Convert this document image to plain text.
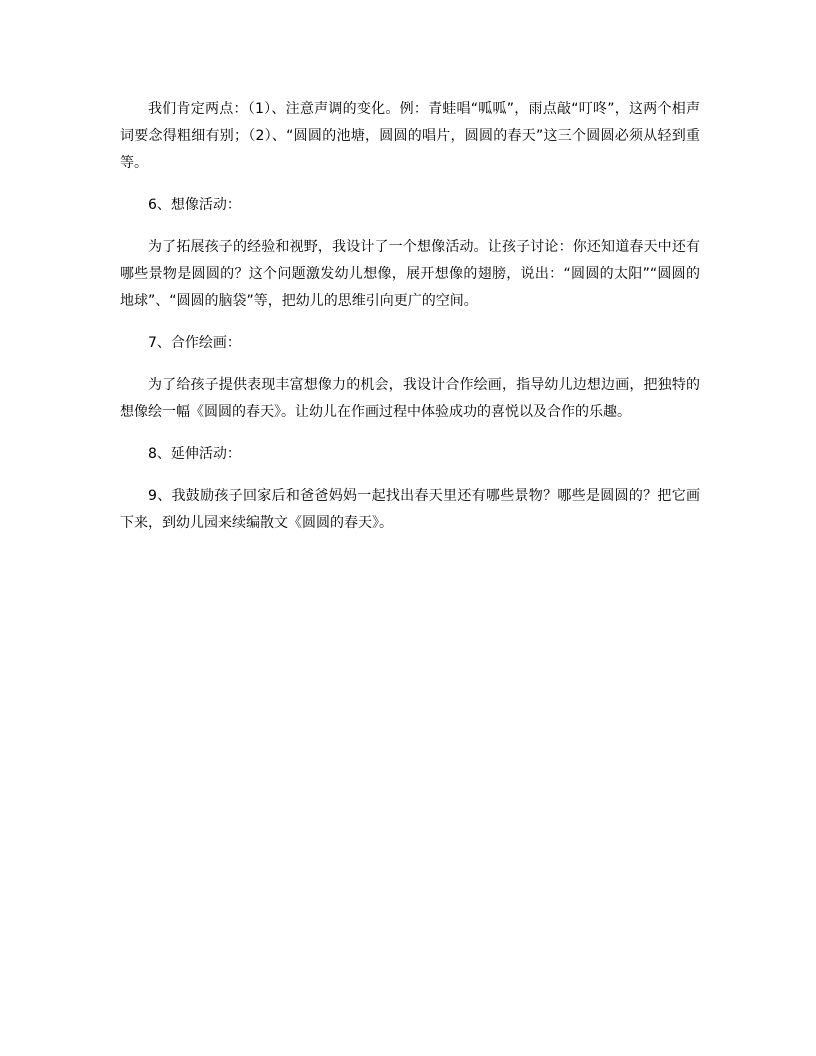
我们肯定两点：（1）、注意声调的变化。例：青蛙唱“呱呱”，雨点敲“叮咚”，这两个相声词要念得粗细有别；（2）、“圆圆的池塘，圆圆的唱片，圆圆的春天”这三个圆圆必须从轻到重等。

6、想像活动：

为了拓展孩子的经验和视野，我设计了一个想像活动。让孩子讨论：你还知道春天中还有哪些景物是圆圆的？这个问题激发幼儿想像，展开想像的翅膀，说出：“圆圆的太阳”“圆圆的地球”、“圆圆的脑袋”等，把幼儿的思维引向更广的空间。

7、合作绘画：

为了给孩子提供表现丰富想像力的机会，我设计合作绘画，指导幼儿边想边画，把独特的想像绘一幅《圆圆的春天》。让幼儿在作画过程中体验成功的喜悦以及合作的乐趣。

8、延伸活动：

9、我鼓励孩子回家后和爸爸妈妈一起找出春天里还有哪些景物？哪些是圆圆的？把它画下来，到幼儿园来续编散文《圆圆的春天》。
